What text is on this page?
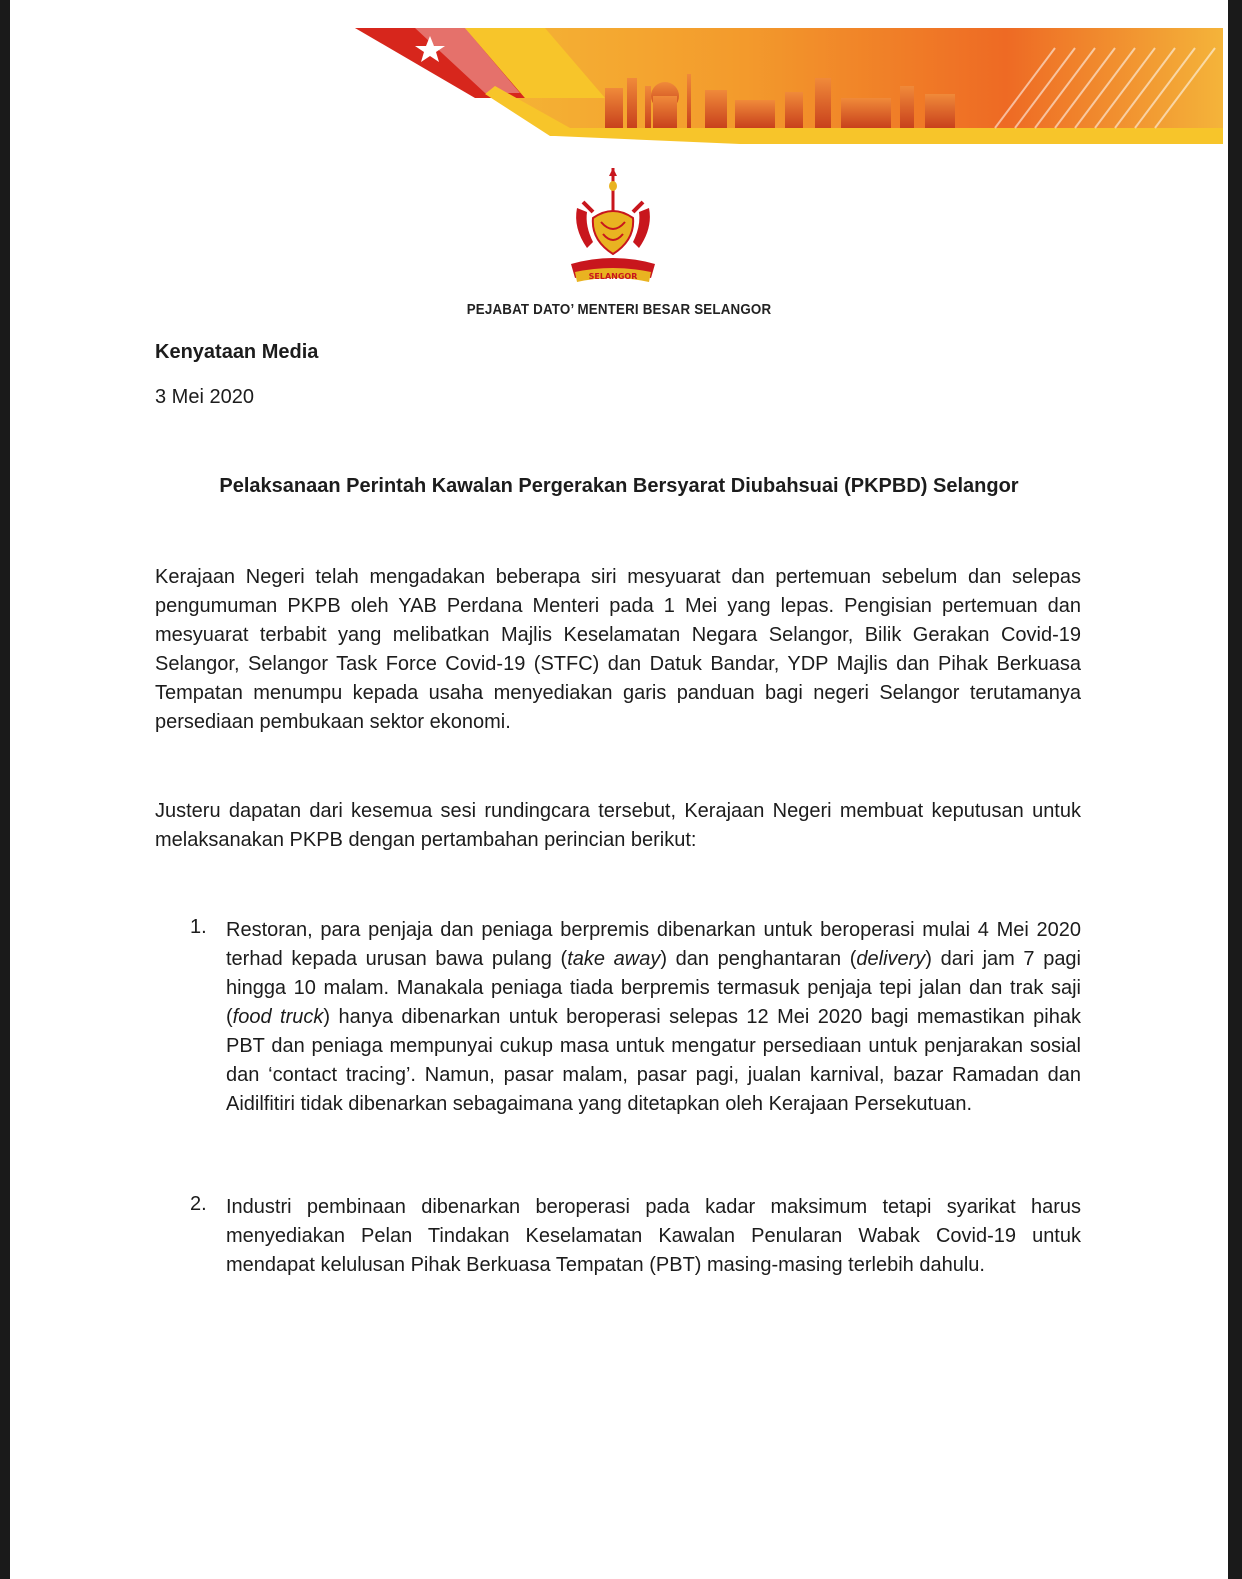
SELANGOR
PEJABAT DATO’ MENTERI BESAR SELANGOR
Kenyataan Media
3 Mei 2020
Pelaksanaan Perintah Kawalan Pergerakan Bersyarat Diubahsuai (PKPBD) Selangor

Kerajaan Negeri telah mengadakan beberapa siri mesyuarat dan pertemuan sebelum dan selepas pengumuman PKPB oleh YAB Perdana Menteri pada 1 Mei yang lepas. Pengisian pertemuan dan mesyuarat terbabit yang melibatkan Majlis Keselamatan Negara Selangor, Bilik Gerakan Covid-19 Selangor, Selangor Task Force Covid-19 (STFC) dan Datuk Bandar, YDP Majlis dan Pihak Berkuasa Tempatan menumpu kepada usaha menyediakan garis panduan bagi negeri Selangor terutamanya persediaan pembukaan sektor ekonomi.

Justeru dapatan dari kesemua sesi rundingcara tersebut, Kerajaan Negeri membuat keputusan untuk melaksanakan PKPB dengan pertambahan perincian berikut:

1. Restoran, para penjaja dan peniaga berpremis dibenarkan untuk beroperasi mulai 4 Mei 2020 terhad kepada urusan bawa pulang (take away) dan penghantaran (delivery) dari jam 7 pagi hingga 10 malam. Manakala peniaga tiada berpremis termasuk penjaja tepi jalan dan trak saji (food truck) hanya dibenarkan untuk beroperasi selepas 12 Mei 2020 bagi memastikan pihak PBT dan peniaga mempunyai cukup masa untuk mengatur persediaan untuk penjarakan sosial dan ‘contact tracing’. Namun, pasar malam, pasar pagi, jualan karnival, bazar Ramadan dan Aidilfitiri tidak dibenarkan sebagaimana yang ditetapkan oleh Kerajaan Persekutuan.

2. Industri pembinaan dibenarkan beroperasi pada kadar maksimum tetapi syarikat harus menyediakan Pelan Tindakan Keselamatan Kawalan Penularan Wabak Covid-19 untuk mendapat kelulusan Pihak Berkuasa Tempatan (PBT) masing-masing terlebih dahulu.
